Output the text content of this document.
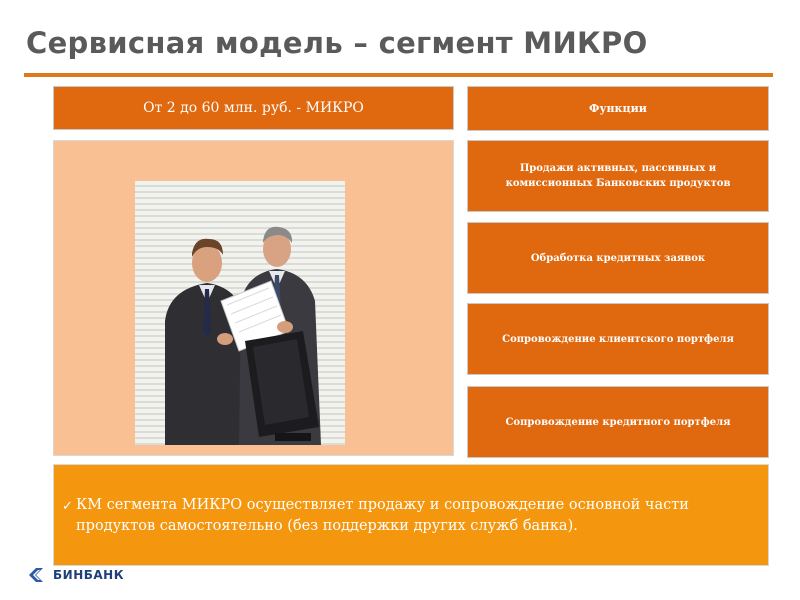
Сервисная модель – сегмент МИКРО
От 2 до 60 млн. руб. - МИКРО	Функции
Продажи активных, пассивных и комиссионных Банковских продуктов
Обработка кредитных заявок
Сопровождение клиентского портфеля
Сопровождение кредитного портфеля
✓ КМ сегмента МИКРО осуществляет продажу и сопровождение основной части продуктов самостоятельно (без поддержки других служб банка).
БИНБАНК
